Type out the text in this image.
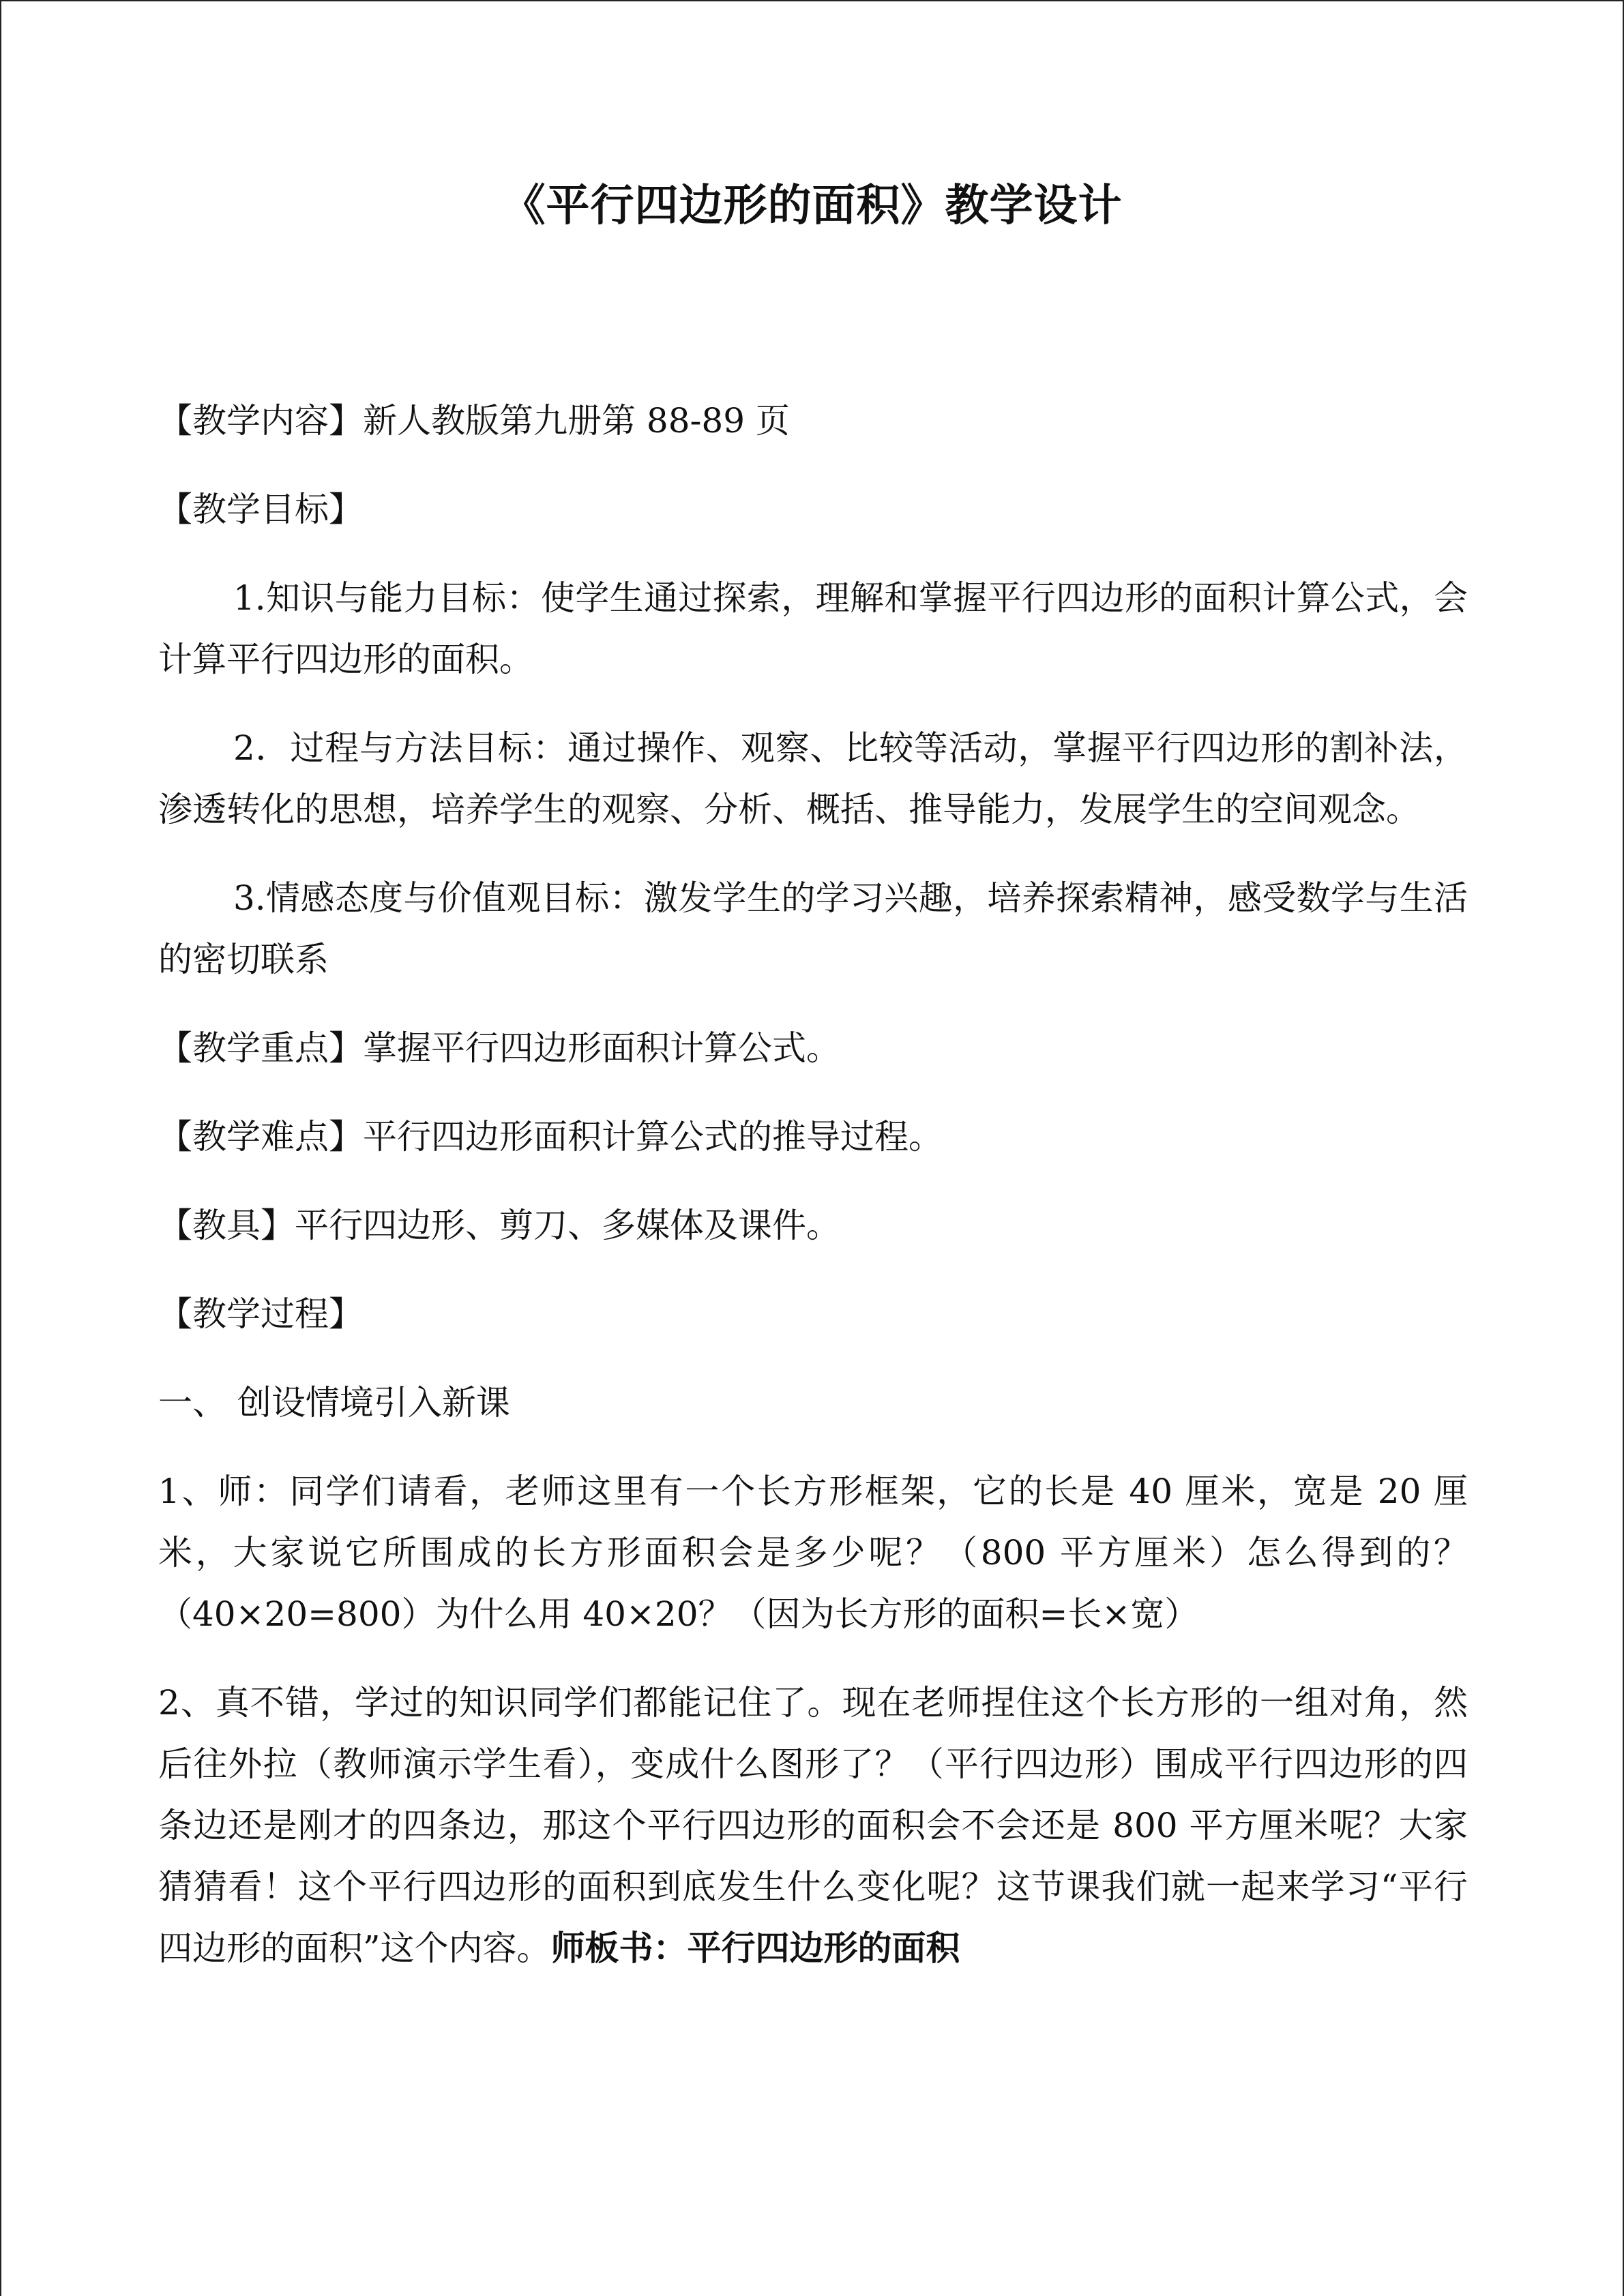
《平行四边形的面积》教学设计

【教学内容】新人教版第九册第 88-89 页

【教学目标】

1.知识与能力目标：使学生通过探索，理解和掌握平行四边形的面积计算公式，会计算平行四边形的面积。

2．过程与方法目标：通过操作、观察、比较等活动，掌握平行四边形的割补法，渗透转化的思想，培养学生的观察、分析、概括、推导能力，发展学生的空间观念。

3.情感态度与价值观目标：激发学生的学习兴趣，培养探索精神，感受数学与生活的密切联系

【教学重点】掌握平行四边形面积计算公式。

【教学难点】平行四边形面积计算公式的推导过程。

【教具】平行四边形、剪刀、多媒体及课件。

【教学过程】

一、 创设情境引入新课

1、师：同学们请看，老师这里有一个长方形框架，它的长是 40 厘米，宽是 20 厘米，大家说它所围成的长方形面积会是多少呢？（800 平方厘米）怎么得到的？（40×20=800）为什么用 40×20？（因为长方形的面积=长×宽）

2、真不错，学过的知识同学们都能记住了。现在老师捏住这个长方形的一组对角，然后往外拉（教师演示学生看），变成什么图形了？（平行四边形）围成平行四边形的四条边还是刚才的四条边，那这个平行四边形的面积会不会还是 800 平方厘米呢？大家猜猜看！这个平行四边形的面积到底发生什么变化呢？这节课我们就一起来学习“平行四边形的面积”这个内容。师板书：平行四边形的面积
